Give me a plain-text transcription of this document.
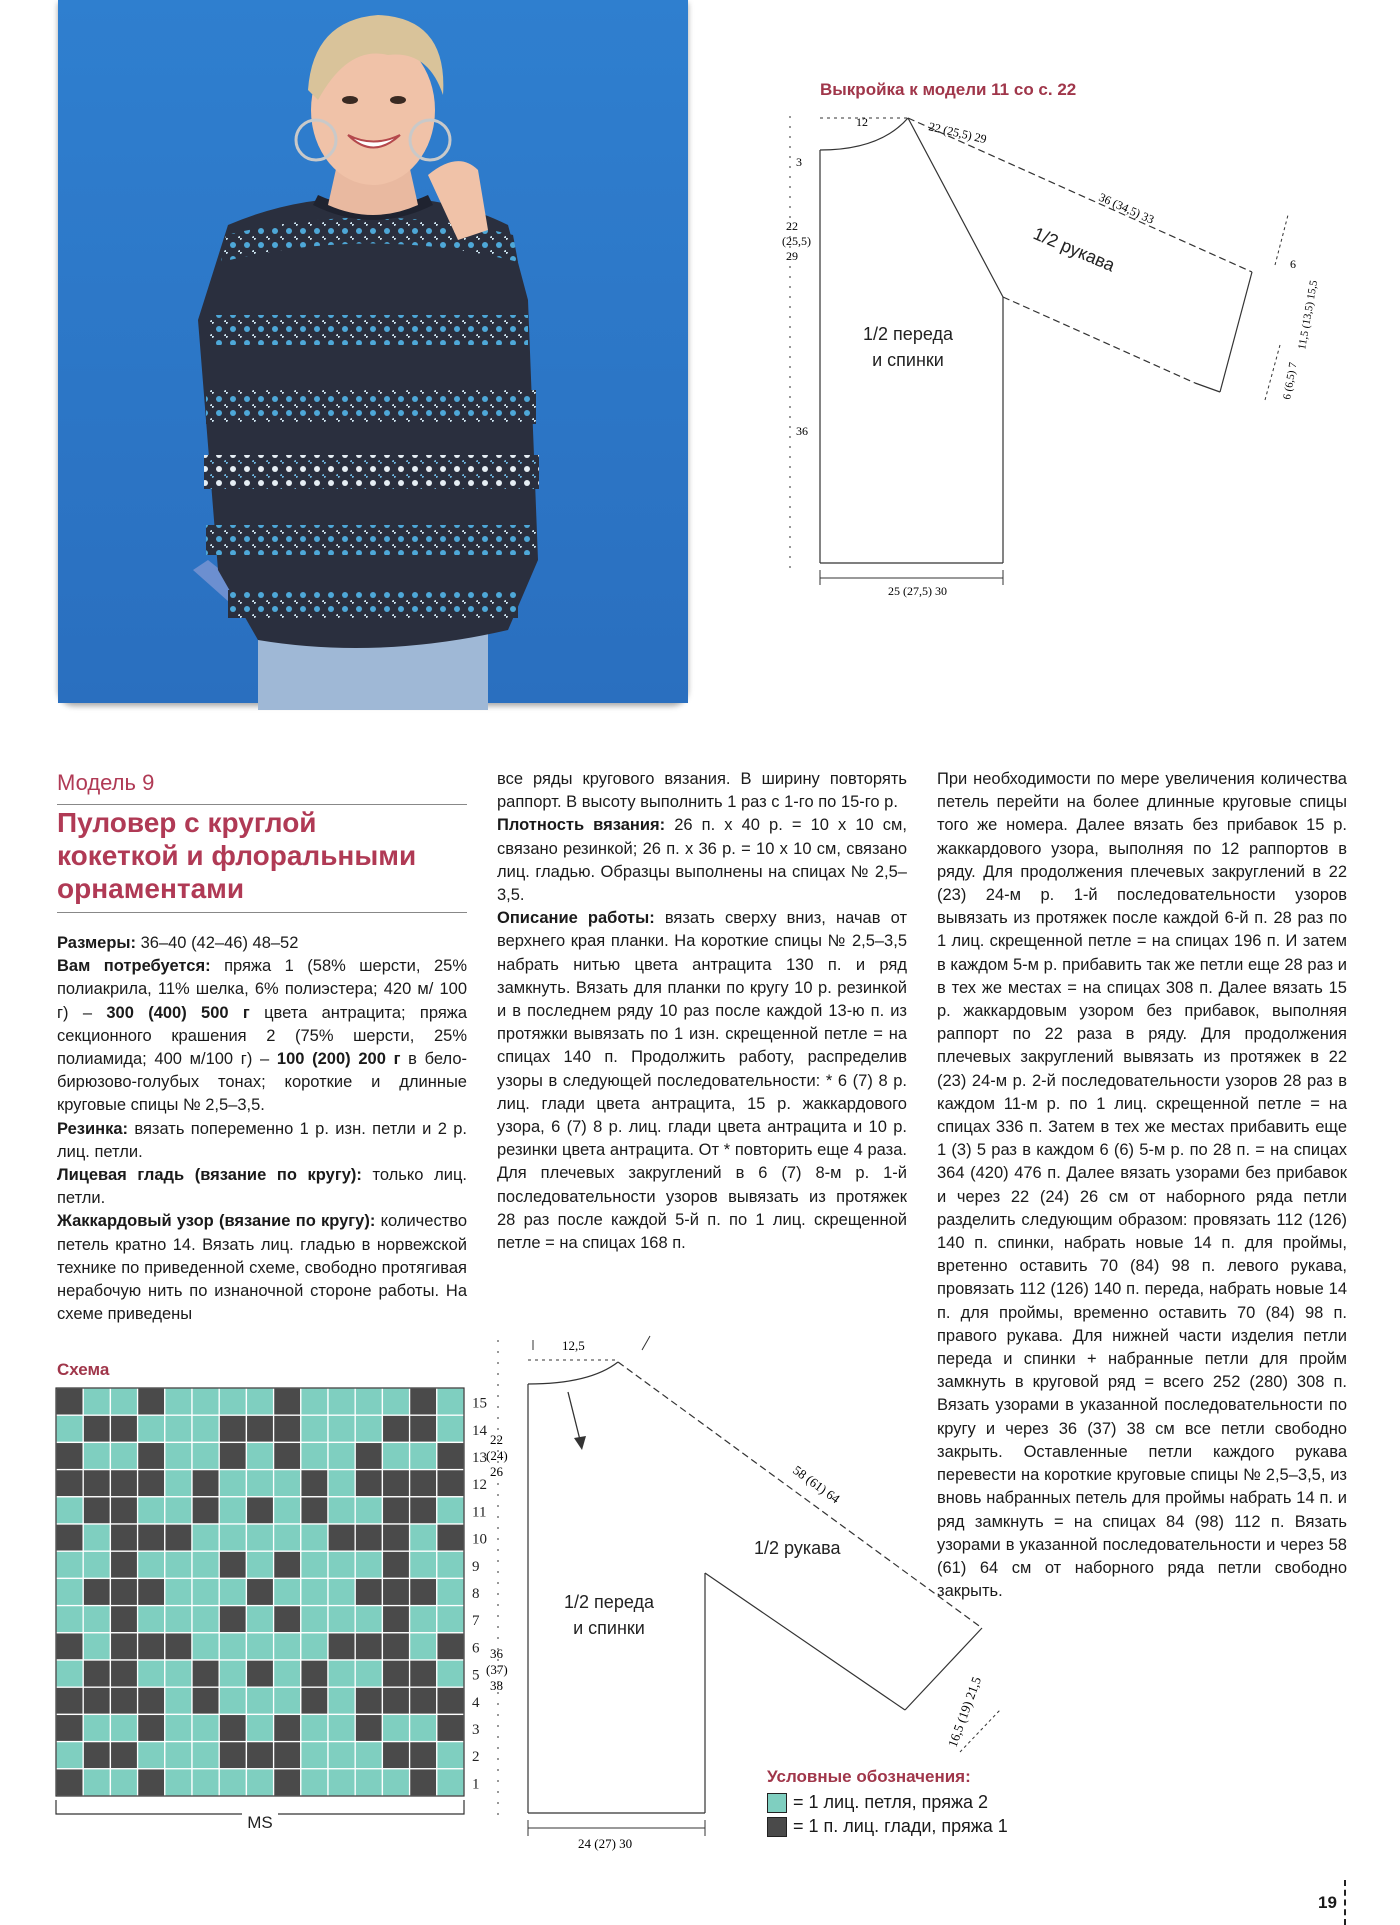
Выкройка к модели 11 со с. 22
12
3
22
(25,5)
29
36
25 (27,5) 30
22 (25,5) 29
36 (34,5) 33
6
11,5 (13,5) 15,5
6 (6,5) 7
1/2 рукава
1/2 переда
и спинки
Модель 9
Пуловер с круглой
кокеткой и флоральными
орнаментами

Размеры: 36–40 (42–46) 48–52

Вам потребуется: пряжа 1 (58% шерсти, 25% полиакрила, 11% шелка, 6% полиэстера; 420 м/ 100 г) – 300 (400) 500 г цвета антрацита; пряжа секционного крашения 2 (75% шерсти, 25% полиамида; 400 м/100 г) – 100 (200) 200 г в бело-бирюзово-голубых тонах; короткие и длинные круговые спицы № 2,5–3,5.

Резинка: вязать попеременно 1 р. изн. петли и 2 р. лиц. петли.

Лицевая гладь (вязание по кругу): только лиц. петли.

Жаккардовый узор (вязание по кругу): количество петель кратно 14. Вязать лиц. гладью в норвежской технике по приведенной схеме, свободно протягивая нерабочую нить по изнаночной стороне работы. На схеме приведены

все ряды кругового вязания. В ширину повторять раппорт. В высоту выполнить 1 раз с 1-го по 15-го р.

Плотность вязания: 26 п. х 40 р. = 10 х 10 см, связано резинкой; 26 п. х 36 р. = 10 х 10 см, связано лиц. гладью. Образцы выполнены на спицах № 2,5–3,5.

Описание работы: вязать сверху вниз, начав от верхнего края планки. На короткие спицы № 2,5–3,5 набрать нитью цвета антрацита 130 п. и ряд замкнуть. Вязать для планки по кругу 10 р. резинкой и в последнем ряду 10 раз после каждой 13-ю п. из протяжки вывязать по 1 изн. скрещенной петле = на спицах 140 п. Продолжить работу, распределив узоры в следующей последовательности: * 6 (7) 8 р. лиц. глади цвета антрацита, 15 р. жаккардового узора, 6 (7) 8 р. лиц. глади цвета антрацита и 10 р. резинки цвета антрацита. От * повторить еще 4 раза. Для плечевых закруглений в 6 (7) 8-м р. 1-й последовательности узоров вывязать из протяжек 28 раз после каждой 5-й п. по 1 лиц. скрещенной петле = на спицах 168 п.

При необходимости по мере увеличения количества петель перейти на более длинные круговые спицы того же номера. Далее вязать без прибавок 15 р. жаккардового узора, выполняя по 12 раппортов в ряду. Для продолжения плечевых закруглений в 22 (23) 24-м р. 1-й последовательности узоров вывязать из протяжек после каждой 6-й п. 28 раз по 1 лиц. скрещенной петле = на спицах 196 п. И затем в каждом 5-м р. прибавить так же петли еще 28 раз и в тех же местах = на спицах 308 п. Далее вязать 15 р. жаккардовым узором без прибавок, выполняя раппорт по 22 раза в ряду. Для продолжения плечевых закруглений вывязать из протяжек в 22 (23) 24-м р. 2-й последовательности узоров 28 раз в каждом 11-м р. по 1 лиц. скрещенной петле = на спицах 336 п. Затем в тех же местах прибавить еще 1 (3) 5 раз в каждом 6 (6) 5-м р. по 28 п. = на спицах 364 (420) 476 п. Далее вязать узорами без прибавок и через 22 (24) 26 см от наборного ряда петли разделить следующим образом: провязать 112 (126) 140 п. спинки, набрать новые 14 п. для проймы, вретенно оставить 70 (84) 98 п. левого рукава, провязать 112 (126) 140 п. переда, набрать новые 14 п. для проймы, временно оставить 70 (84) 98 п. правого рукава. Для нижней части изделия петли переда и спинки + набранные петли для пройм замкнуть в круговой ряд = всего 252 (280) 308 п. Вязать узорами в указанной последовательности по кругу и через 36 (37) 38 см все петли свободно закрыть. Оставленные петли каждого рукава перевести на короткие круговые спицы № 2,5–3,5, из вновь набранных петель для проймы набрать 14 п. и ряд замкнуть = на спицах 84 (98) 112 п. Вязать узорами в указанной последовательности и через 58 (61) 64 см от наборного ряда петли свободно закрыть.

Схема
15
14
13
12
11
10
9
8
7
6
5
4
3
2
1
MS
12,5
22
(24)
26
36
(37)
38
24 (27) 30
58 (61) 64
16,5 (19) 21,5
1/2 рукава
1/2 переда
и спинки
Условные обозначения:
= 1 лиц. петля, пряжа 2
= 1 п. лиц. глади, пряжа 1
19
